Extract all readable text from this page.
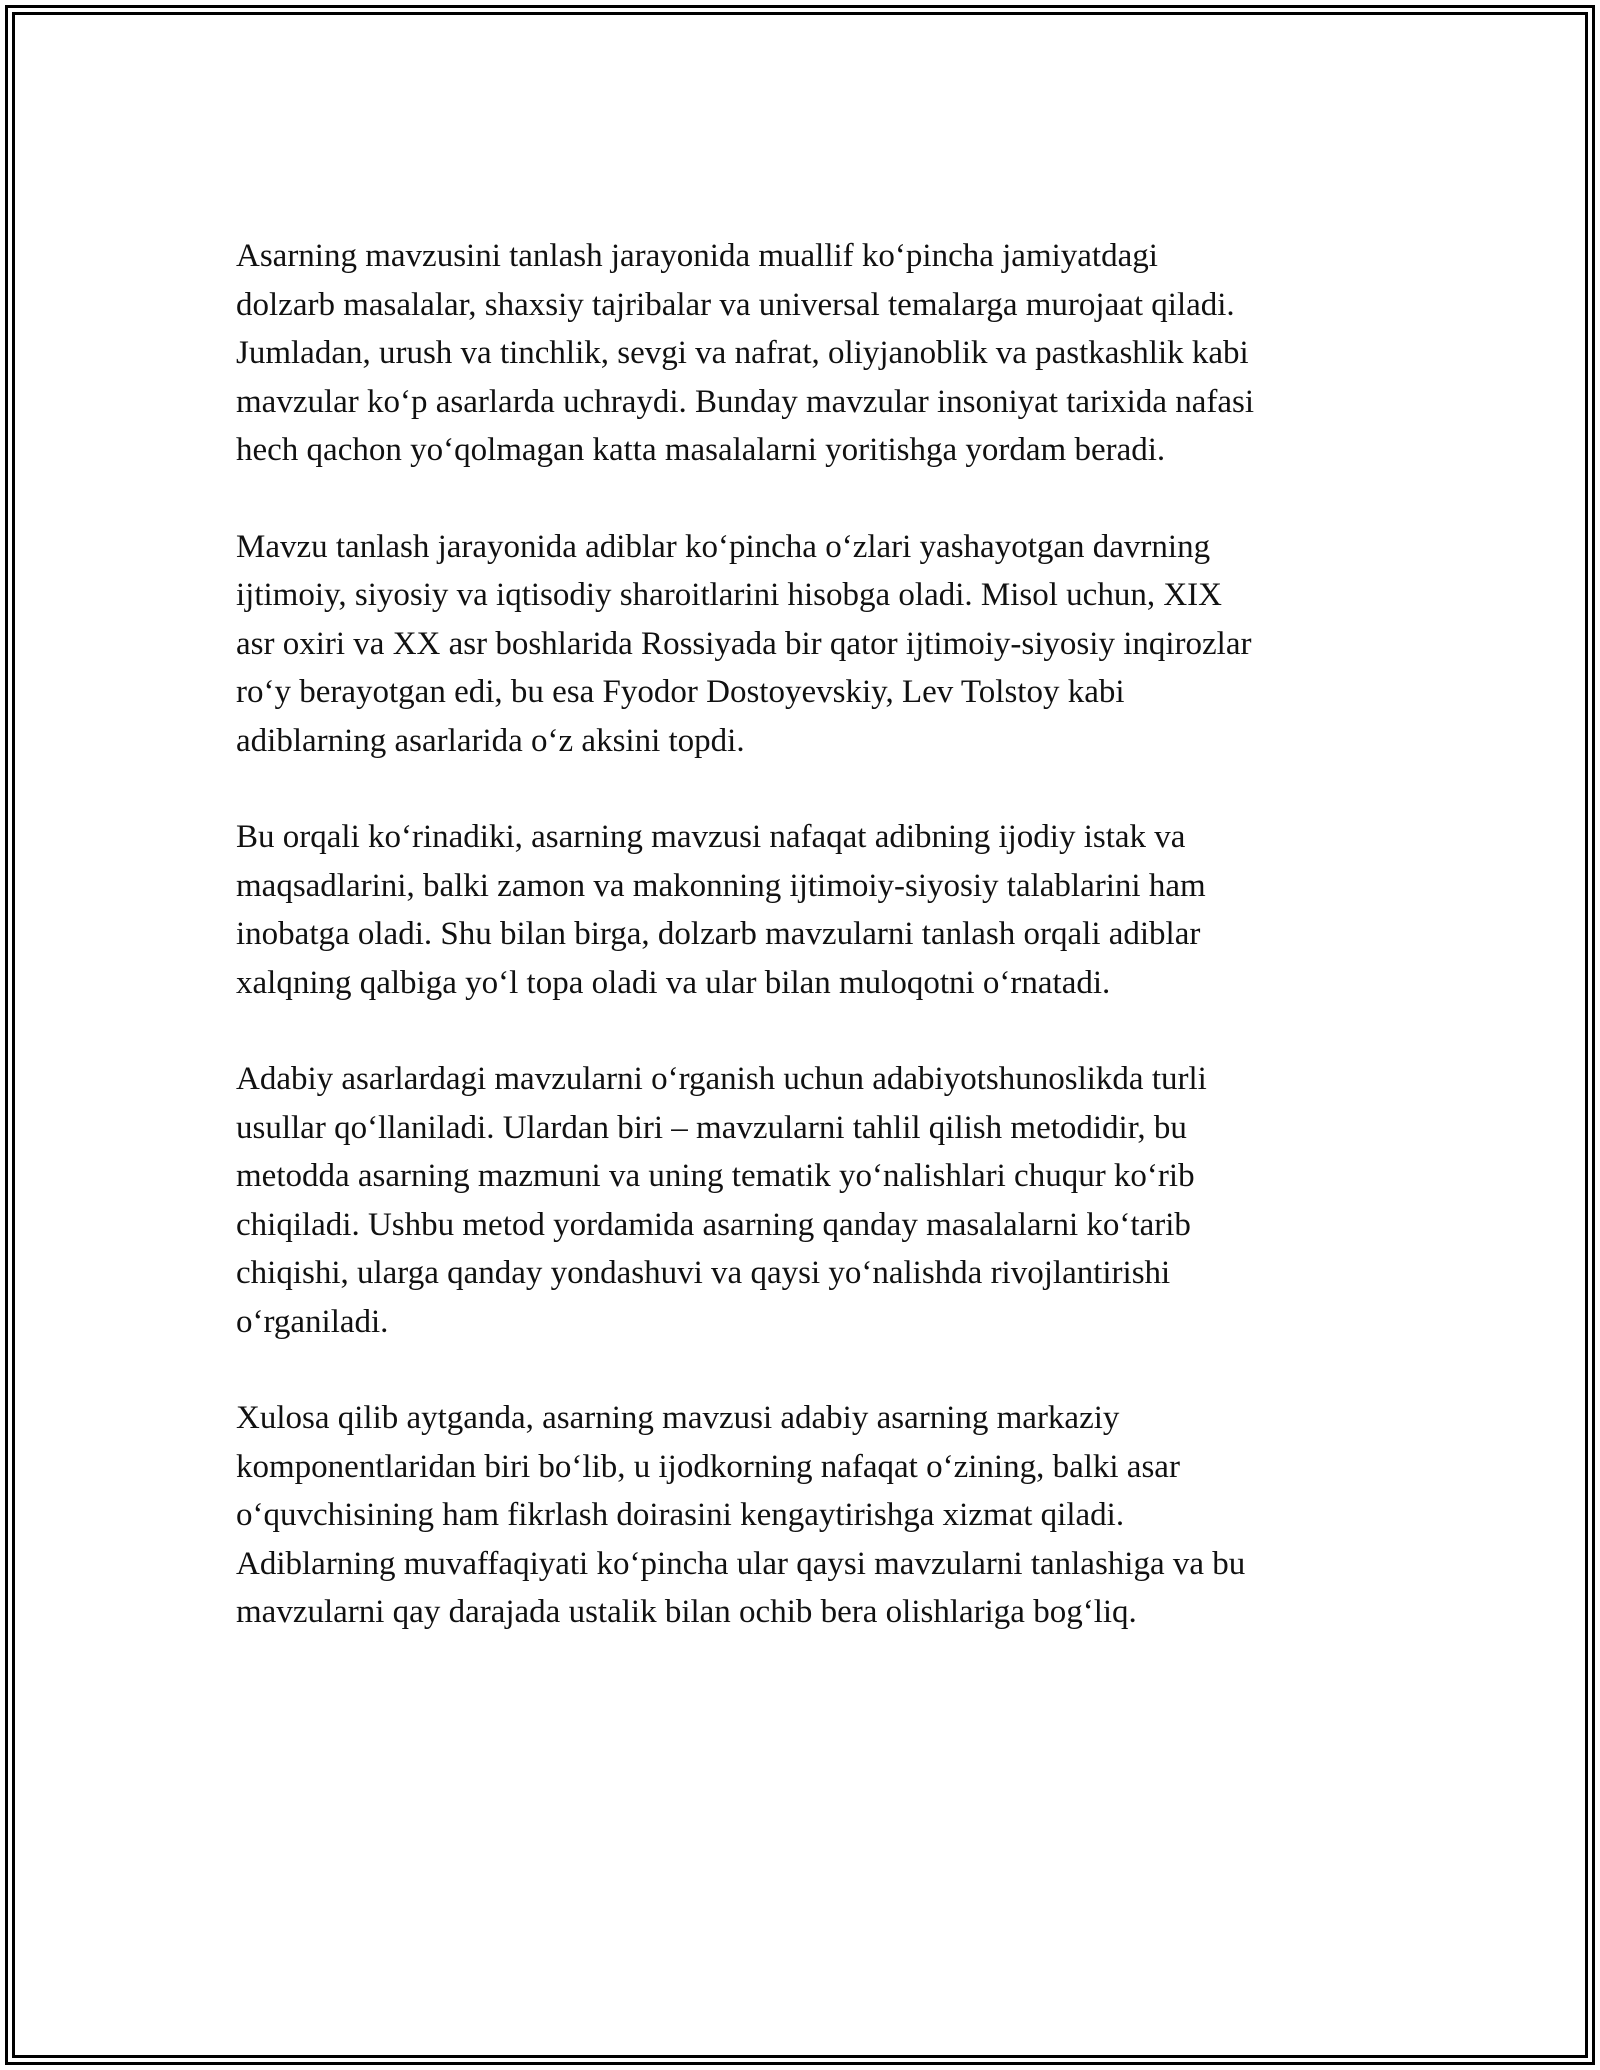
Asarning mavzusini tanlash jarayonida muallif ko‘pincha jamiyatdagi
dolzarb masalalar, shaxsiy tajribalar va universal temalarga murojaat qiladi.
Jumladan, urush va tinchlik, sevgi va nafrat, oliyjanoblik va pastkashlik kabi
mavzular ko‘p asarlarda uchraydi. Bunday mavzular insoniyat tarixida nafasi
hech qachon yo‘qolmagan katta masalalarni yoritishga yordam beradi.

Mavzu tanlash jarayonida adiblar ko‘pincha o‘zlari yashayotgan davrning
ijtimoiy, siyosiy va iqtisodiy sharoitlarini hisobga oladi. Misol uchun, XIX
asr oxiri va XX asr boshlarida Rossiyada bir qator ijtimoiy-siyosiy inqirozlar
ro‘y berayotgan edi, bu esa Fyodor Dostoyevskiy, Lev Tolstoy kabi
adiblarning asarlarida o‘z aksini topdi.

Bu orqali ko‘rinadiki, asarning mavzusi nafaqat adibning ijodiy istak va
maqsadlarini, balki zamon va makonning ijtimoiy-siyosiy talablarini ham
inobatga oladi. Shu bilan birga, dolzarb mavzularni tanlash orqali adiblar
xalqning qalbiga yo‘l topa oladi va ular bilan muloqotni o‘rnatadi.

Adabiy asarlardagi mavzularni o‘rganish uchun adabiyotshunoslikda turli
usullar qo‘llaniladi. Ulardan biri – mavzularni tahlil qilish metodidir, bu
metodda asarning mazmuni va uning tematik yo‘nalishlari chuqur ko‘rib
chiqiladi. Ushbu metod yordamida asarning qanday masalalarni ko‘tarib
chiqishi, ularga qanday yondashuvi va qaysi yo‘nalishda rivojlantirishi
o‘rganiladi.

Xulosa qilib aytganda, asarning mavzusi adabiy asarning markaziy
komponentlaridan biri bo‘lib, u ijodkorning nafaqat o‘zining, balki asar
o‘quvchisining ham fikrlash doirasini kengaytirishga xizmat qiladi.
Adiblarning muvaffaqiyati ko‘pincha ular qaysi mavzularni tanlashiga va bu
mavzularni qay darajada ustalik bilan ochib bera olishlariga bog‘liq.
